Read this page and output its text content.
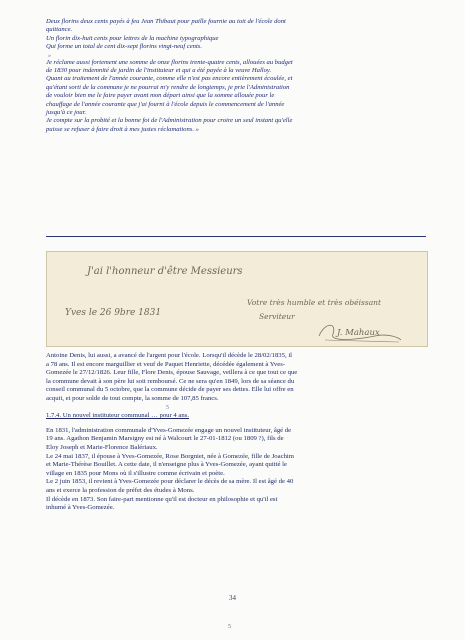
Deux florins deux cents payés à feu Jean Thibaut pour paille fournie au toit de l'école dont

quittance.

Un florin dix-huit cents pour lettres de la machine typographique

Qui forme un total de cent dix-sept florins vingt-neuf cents.

»

Je réclame aussi fortement une somme de onze florins trente-quatre cents, allouées au budget

de 1830 pour indemnité de jardin de l'instituteur et qui a été payée à la veuve Halloy.

Quant au traitement de l'année courante, comme elle n'est pas encore entièrement écoulée, et

qu'étant sorti de la commune je ne pourrai m'y rendre de longtemps, je prie l'Administration

de vouloir bien me le faire payer avant mon départ ainsi que la somme allouée pour le

chauffage de l'année courante que j'ai fourni à l'école depuis le commencement de l'année

jusqu'à ce jour.

Je compte sur la probité et la bonne foi de l'Administration pour croire un seul instant qu'elle

puisse se refuser à faire droit à mes justes réclamations. »

J'ai l'honneur d'être Messieurs
Yves le 26 9bre 1831
Votre très humble et très obéissant
Serviteur
J. Mahaux

Antoine Denis, lui aussi, a avancé de l'argent pour l'école. Lorsqu'il décède le 28/02/1835, il

a 78 ans. Il est encore marguillier et veuf de Paquet Henriette, décédée également à Yves-

Gomezée le 27/12/1826. Leur fille, Flore Denis, épouse Sauvage, veillera à ce que tout ce que

la commune devait à son père lui soit remboursé. Ce ne sera qu'en 1849, lors de sa séance du

conseil communal du 5 octobre, que la commune décide de payer ses dettes. Elle lui offre en

acquit, et pour solde de tout compte, la somme de 107,85 francs.

5

1.7.4. Un nouvel instituteur communal … pour 4 ans.

En 1831, l'administration communale d'Yves-Gomezée engage un nouvel instituteur, âgé de

19 ans. Agathon Benjamin Marsigny est né à Walcourt le 27-01-1812 (ou 1809 ?), fils de

Eloy Joseph et Marie-Florence Balériaux.

Le 24 mai 1837, il épouse à Yves-Gomezée, Rose Borgniet, née à Gomezée, fille de Joachim

et Marie-Thérèse Bouillet. A cette date, il n'enseigne plus à Yves-Gomezée, ayant quitté le

village en 1835 pour Mons où il s'illustre comme écrivain et poète.

Le 2 juin 1853, il revient à Yves-Gomezée pour déclarer le décès de sa mère. Il est âgé de 40

ans et exerce la profession de préfet des études à Mons.

Il décède en 1873. Son faire-part mentionne qu'il est docteur en philosophie et qu'il est

inhumé à Yves-Gomezée.

34
5
